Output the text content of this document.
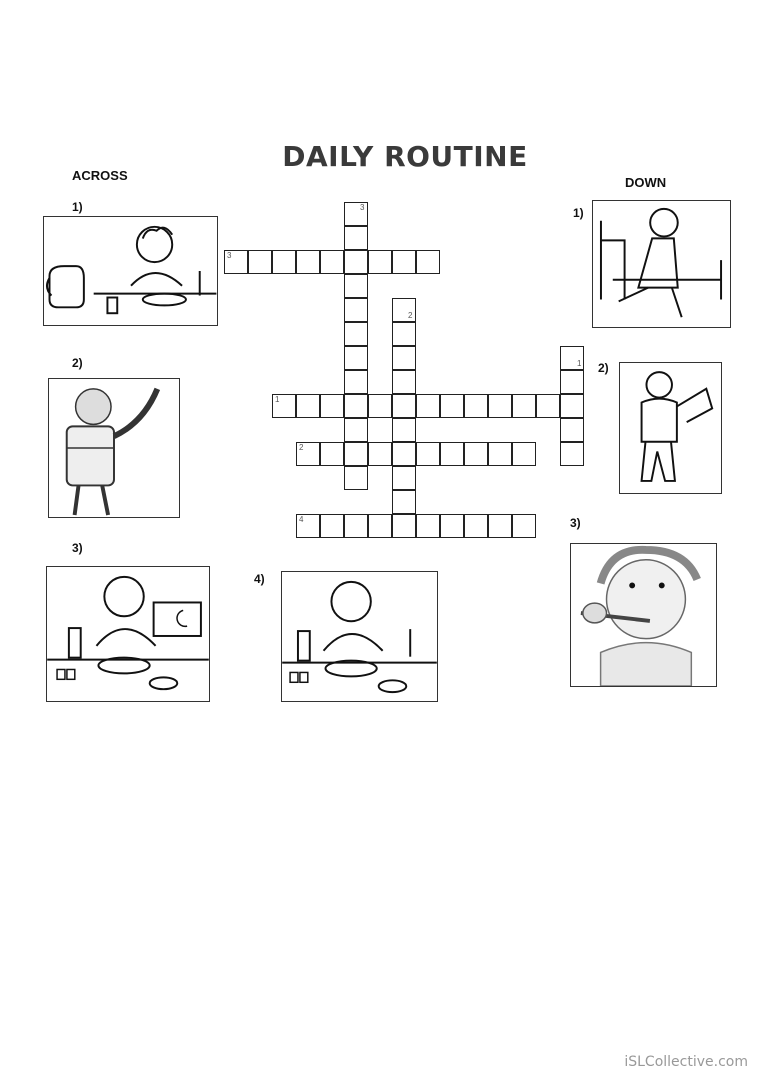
DAILY ROUTINE
ACROSS	DOWN
1)
2)
3)
4)
1)
2)
3)
3
3
2
1
1
2
4
iSLCollective.com
